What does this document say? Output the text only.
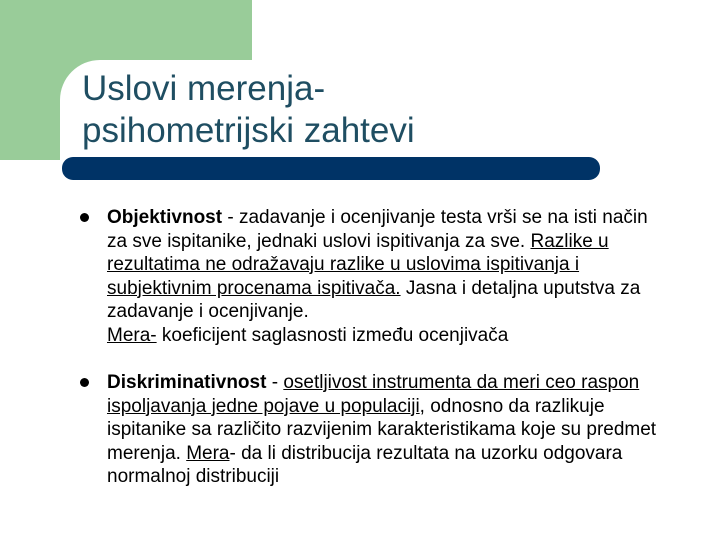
Uslovi merenja-
psihometrijski zahtevi
Objektivnost - zadavanje i ocenjivanje testa vrši se na isti način za sve ispitanike, jednaki uslovi ispitivanja za sve. Razlike u rezultatima ne odražavaju razlike u uslovima ispitivanja i subjektivnim procenama ispitivača. Jasna i detaljna uputstva za zadavanje i ocenjivanje.
Mera- koeficijent saglasnosti između ocenjivača
Diskriminativnost - osetljivost instrumenta da meri ceo raspon ispoljavanja jedne pojave u populaciji, odnosno da razlikuje ispitanike sa različito razvijenim karakteristikama koje su predmet merenja. Mera- da li distribucija rezultata na uzorku odgovara normalnoj distribuciji
